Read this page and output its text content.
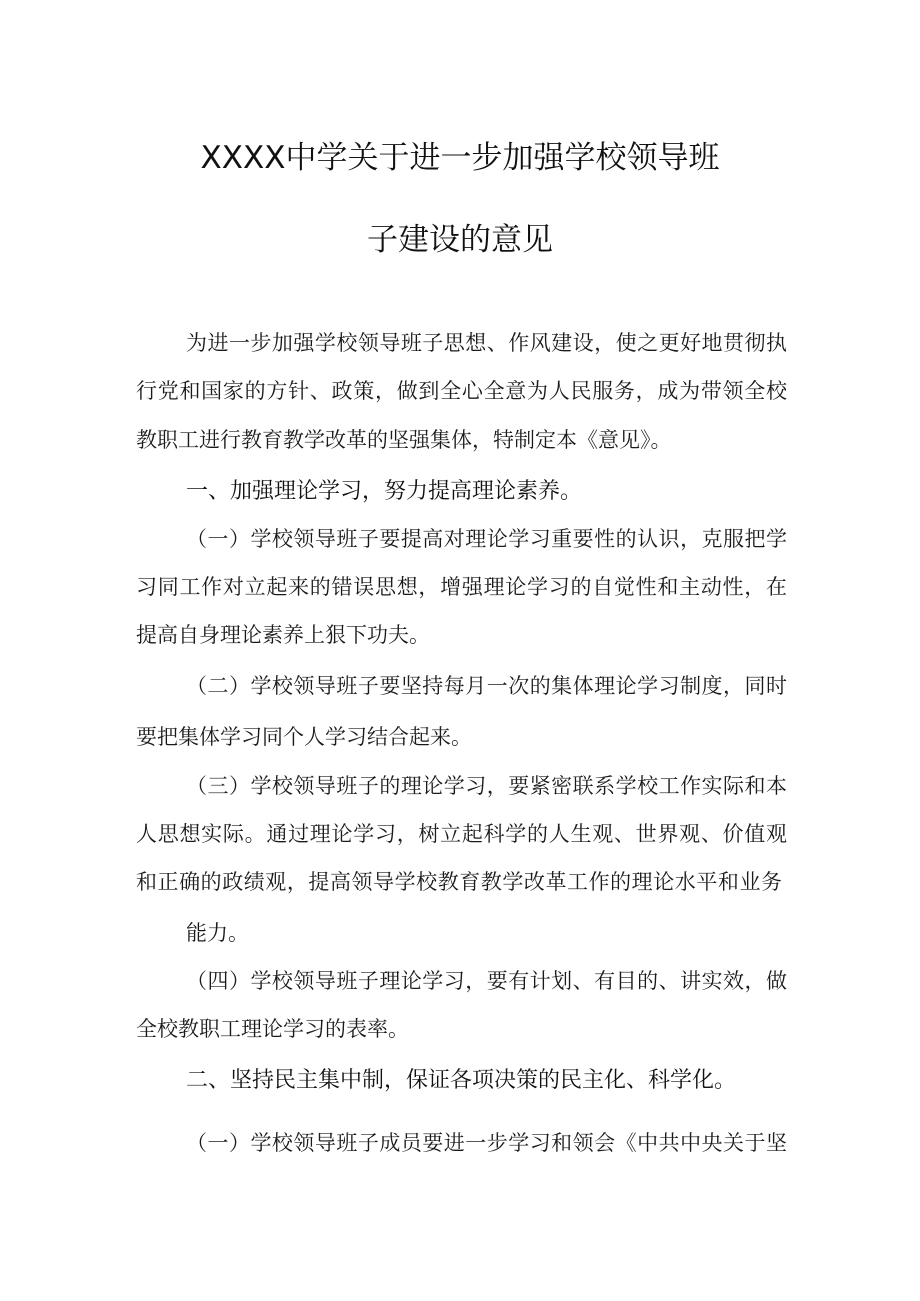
XXXX中学关于进一步加强学校领导班
子建设的意见
为进一步加强学校领导班子思想、作风建设，使之更好地贯彻执
行党和国家的方针、政策，做到全心全意为人民服务，成为带领全校
教职工进行教育教学改革的坚强集体，特制定本《意见》。
一、加强理论学习，努力提高理论素养。
（一）学校领导班子要提高对理论学习重要性的认识，克服把学
习同工作对立起来的错误思想，增强理论学习的自觉性和主动性，在
提高自身理论素养上狠下功夫。
（二）学校领导班子要坚持每月一次的集体理论学习制度，同时
要把集体学习同个人学习结合起来。
（三）学校领导班子的理论学习，要紧密联系学校工作实际和本
人思想实际。通过理论学习，树立起科学的人生观、世界观、价值观
和正确的政绩观，提高领导学校教育教学改革工作的理论水平和业务
能力。
（四）学校领导班子理论学习，要有计划、有目的、讲实效，做
全校教职工理论学习的表率。
二、坚持民主集中制，保证各项决策的民主化、科学化。
（一）学校领导班子成员要进一步学习和领会《中共中央关于坚
